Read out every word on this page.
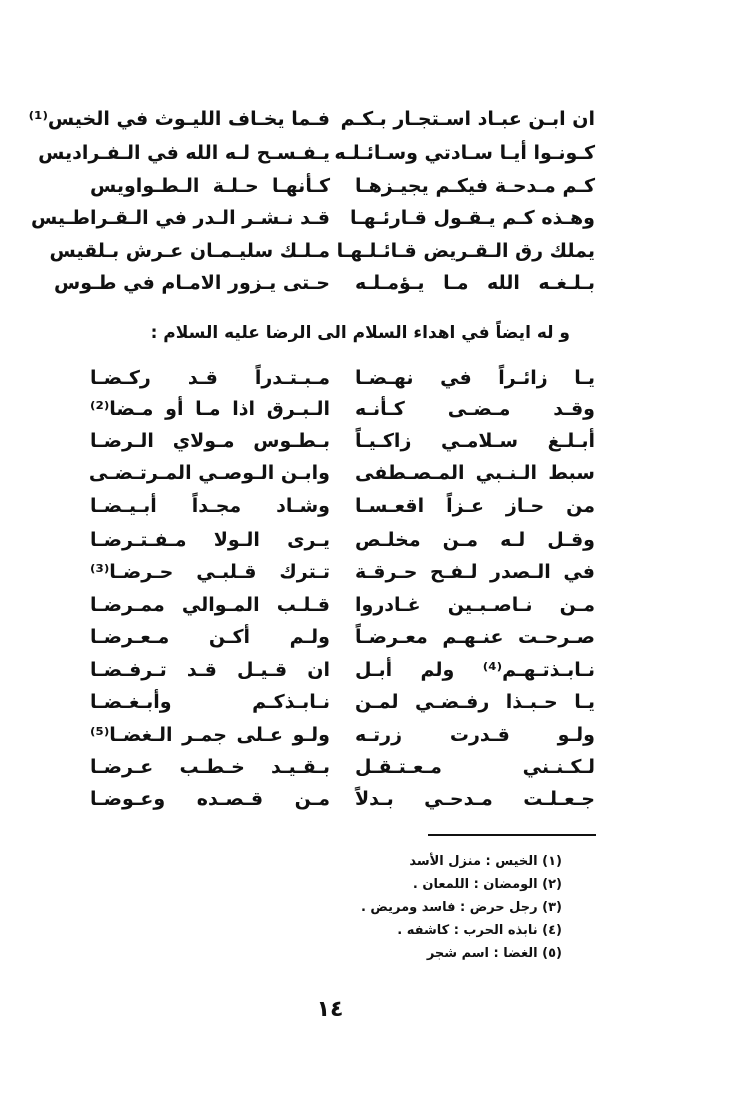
ان ابـن عبـاد اسـتجـار بـكـم
فـما يخـاف الليـوث في الخيس⁽¹⁾
كـونـوا أيـا سـادتي وسـائـلـه
يـفـسـح لـه الله في الـفـراديس
كـم مـدحـة فيكـم يجيـزهـا
كـأنهـا حـلـة الـطـواويس
وهـذه كـم يـقـول قـارئـهـا
قـد نـشـر الـدر في الـقـراطـيس
يملك رق الـقـريض قـائـلـهـا
مـلـك سليـمـان عـرش بـلقيس
بـلـغـه الله مـا يـؤمـلـه
حـتى يـزور الامـام في طـوس
و له ايضاً في اهداء السلام الى الرضا عليه السلام :
يـا زائـراً في نهـضـا
مـبـتـدراً قـد ركـضـا
وقـد مـضـى كـأنـه
الـبـرق اذا مـا أو مـضا⁽²⁾
أبـلـغ سـلامـي زاكـيـاً
بـطـوس مـولاي الـرضـا
سبط الـنـبي المـصـطفى
وابـن الـوصـي المـرتـضـى
من حـاز عـزاً اقعـسـا
وشـاد مجـداً أبـيـضـا
وقـل لـه مـن مخلـص
يـرى الـولا مـفـتـرضـا
في الـصدر لـفـح حـرقـة
تـترك قـلبـي حـرضـا⁽³⁾
مـن نـاصـبـين غـادروا
قـلـب المـوالي ممـرضـا
صـرحـت عنـهـم معـرضـاً
ولـم أكـن مـعـرضـا
نـابـذتـهـم⁽⁴⁾ ولم أبـل
ان قـيـل قـد تـرفـضـا
يـا حـبـذا رفـضـي لمـن
نـابـذكـم وأبـغـضـا
ولـو قـدرت زرتـه
ولـو عـلى جمـر الـغضـا⁽⁵⁾
لـكـنـني مـعـتـقـل
بـقـيـد خـطـب عـرضـا
جـعـلـت مـدحـي بـدلاً
مـن قـصـده وعـوضـا
(١) الخيس : منزل الأسد
(٢) الومضان : اللمعان .
(٣) رجل حرض : فاسد ومريض .
(٤) نابذه الحرب : كاشفه .
(٥) الغضا : اسم شجر
١٤
